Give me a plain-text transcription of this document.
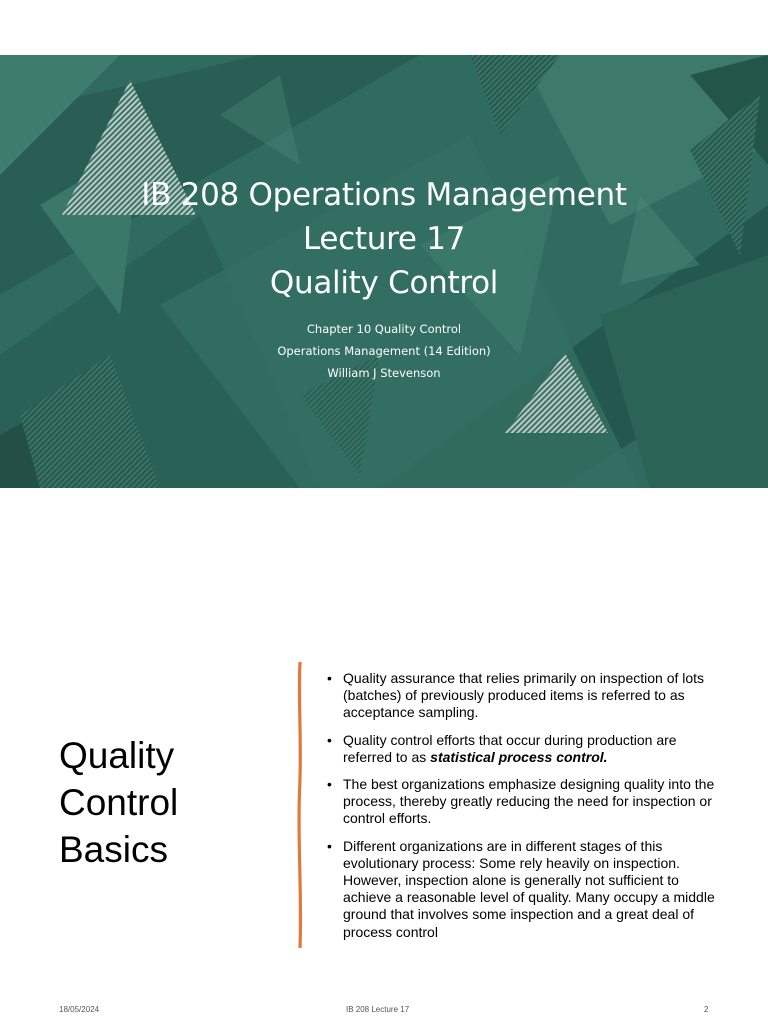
IB 208 Operations Management
Lecture 17
Quality Control
Chapter 10 Quality Control
Operations Management (14 Edition)
William J Stevenson
Quality
Control
Basics
• Quality assurance that relies primarily on inspection of lots (batches) of previously produced items is referred to as acceptance sampling.
• Quality control efforts that occur during production are referred to as statistical process control.
• The best organizations emphasize designing quality into the process, thereby greatly reducing the need for inspection or control efforts.
• Different organizations are in different stages of this evolutionary process: Some rely heavily on inspection. However, inspection alone is generally not sufficient to achieve a reasonable level of quality. Many occupy a middle ground that involves some inspection and a great deal of process control
18/05/2024	IB 208 Lecture 17	2
